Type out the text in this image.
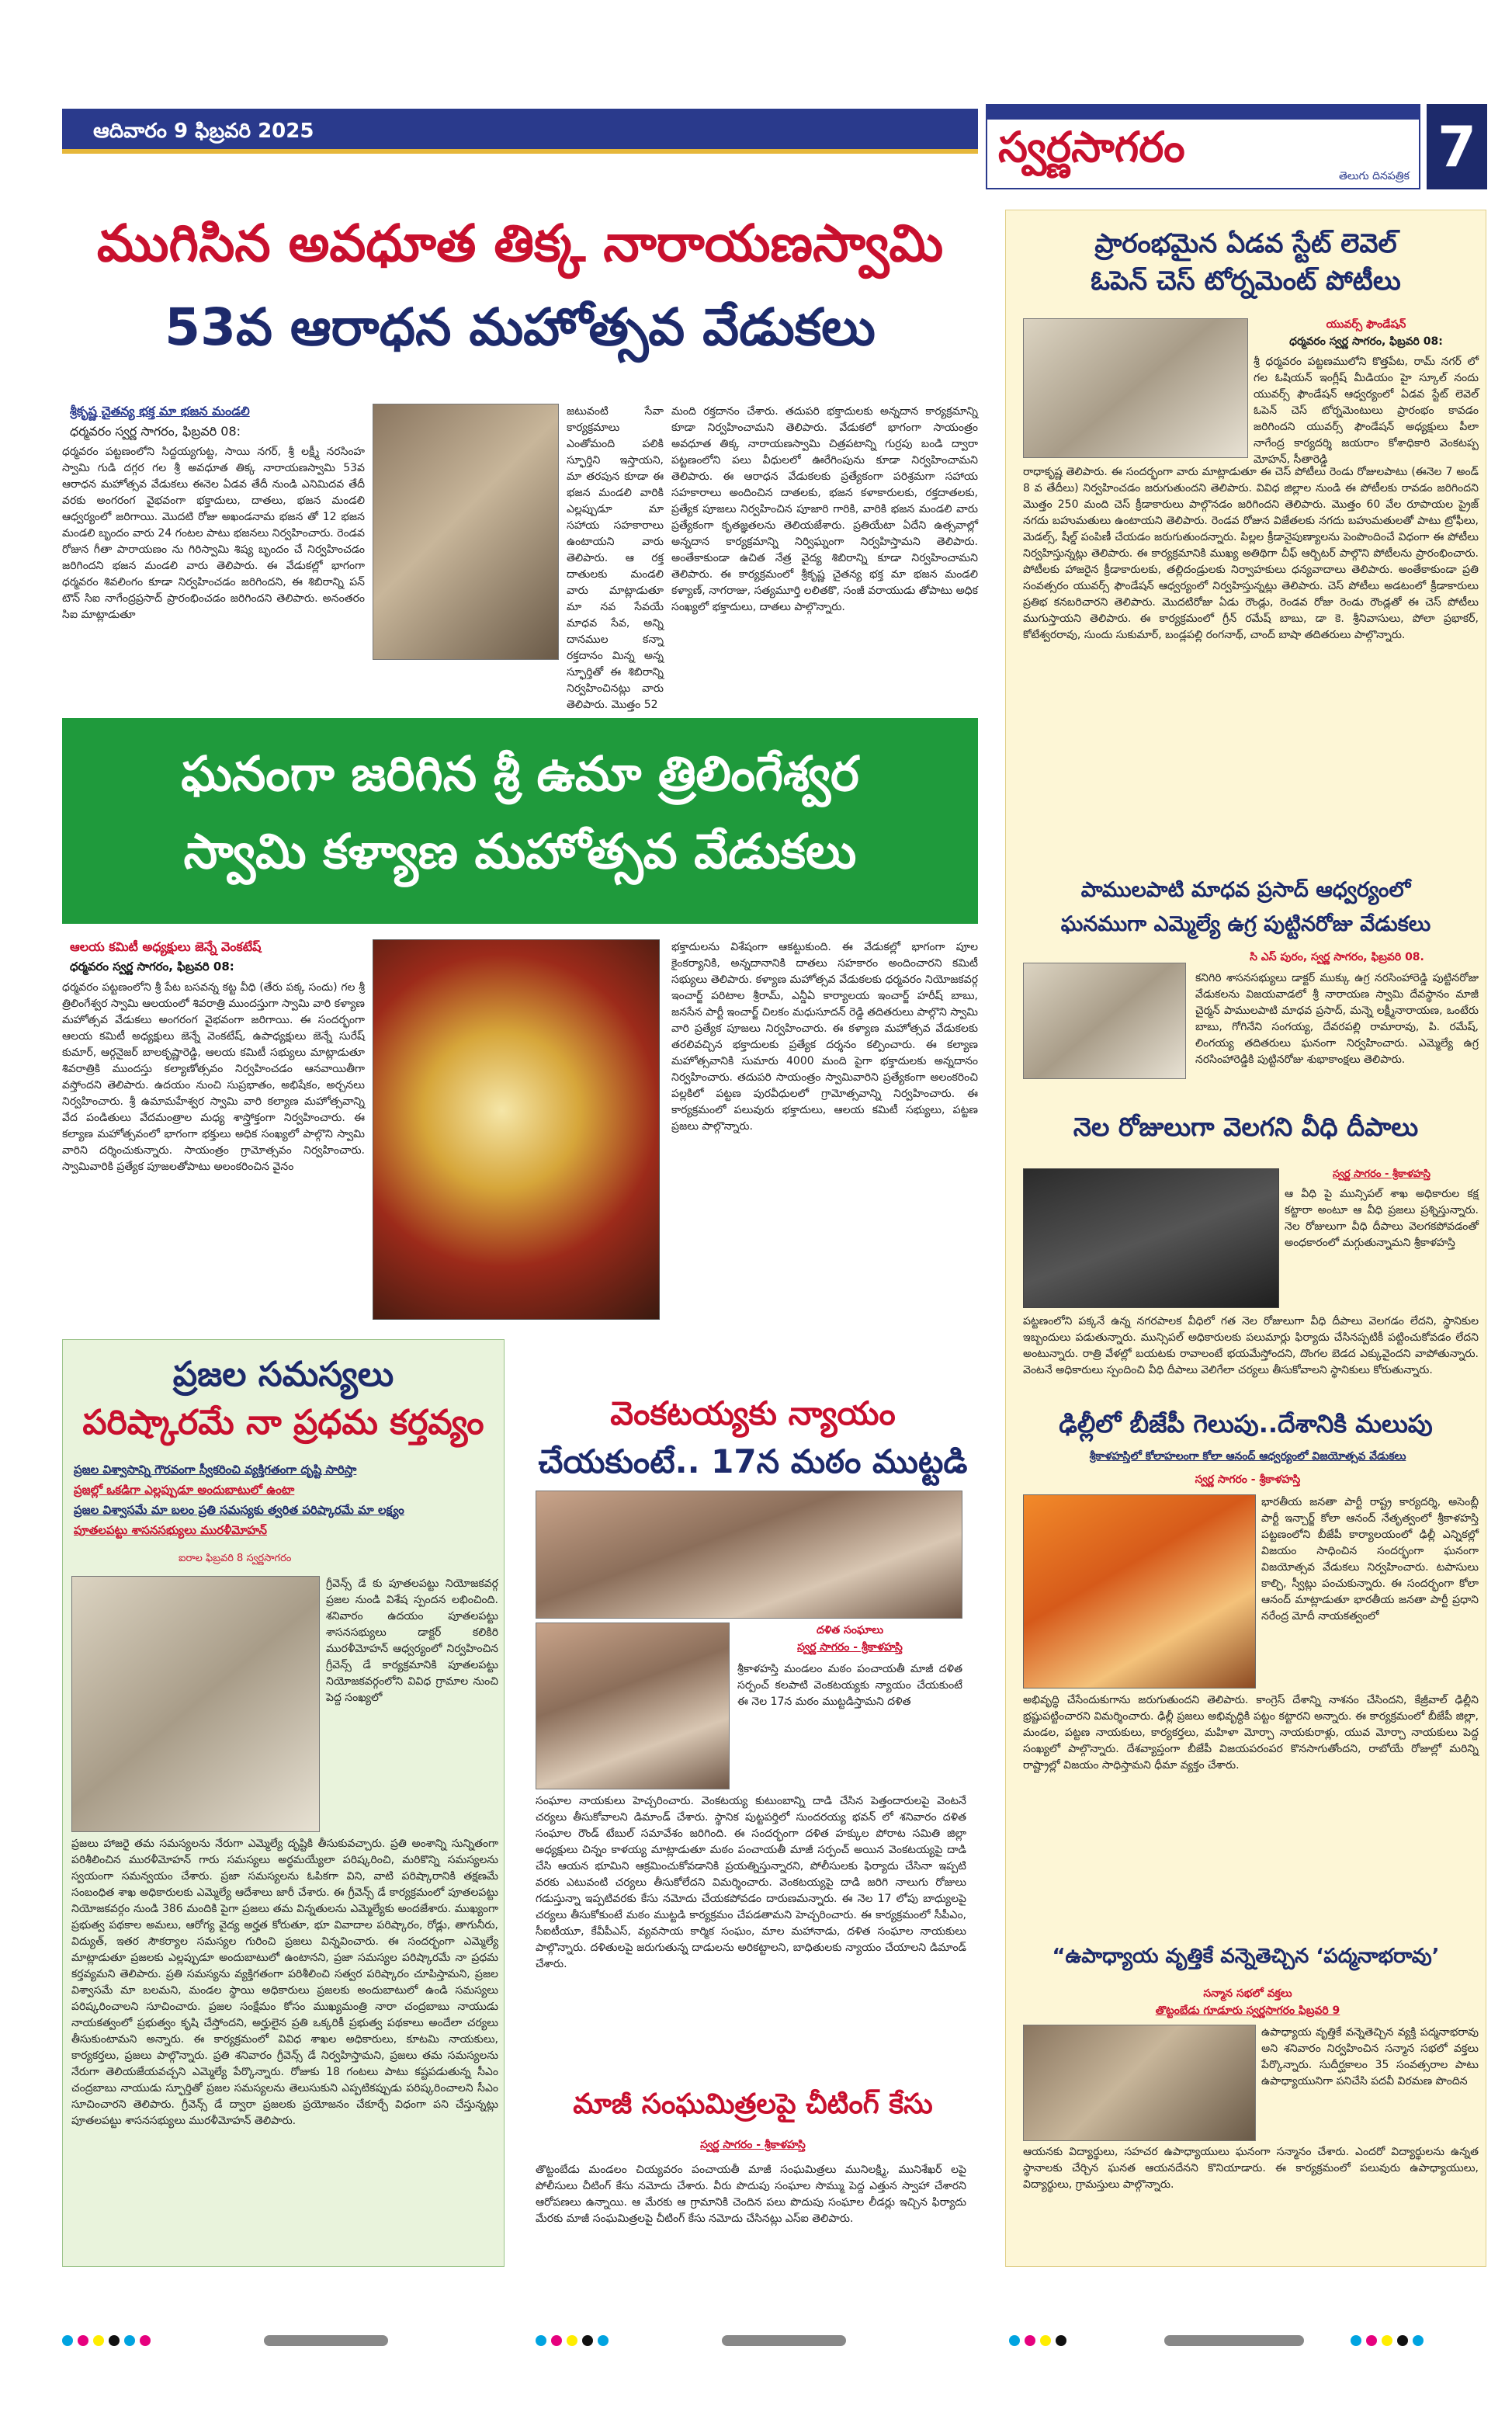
ఆదివారం 9 ఫిబ్రవరి 2025	స్వర్ణసాగరం
తెలుగు దినపత్రిక 7
ముగిసిన అవధూత తిక్క నారాయణస్వామి
53వ ఆరాధన మహోత్సవ వేడుకలు
శ్రీకృష్ణ చైతన్య భక్త మా భజన మండలి
ధర్మవరం స్వర్ణ సాగరం, ఫిబ్రవరి 08:
ధర్మవరం పట్టణంలోని సిద్దయ్యగుట్ట, సాయి నగర్, శ్రీ లక్ష్మీ నరసింహ స్వామి గుడి దగ్గర గల శ్రీ అవధూత తిక్క నారాయణస్వామి 53వ ఆరాధన మహోత్సవ వేడుకలు ఈనెల ఏడవ తేదీ నుండి ఎనిమిదవ తేదీ వరకు అంగరంగ వైభవంగా భక్తాదులు, దాతలు, భజన మండలి ఆధ్వర్యంలో జరిగాయి. మొదటి రోజు అఖండనామ భజన తో 12 భజన మండలి బృందం వారు 24 గంటల పాటు భజనలు నిర్వహించారు. రెండవ రోజున గీతా పారాయణం ను గిరిస్వామి శిష్య బృందం చే నిర్వహించడం జరిగిందని భజన మండలి వారు తెలిపారు. ఈ వేడుకల్లో భాగంగా ధర్మవరం శివలింగం కూడా నిర్వహించడం జరిగిందని, ఈ శిబిరాన్ని పన్ టౌన్ సిఐ నాగేంద్రప్రసాద్ ప్రారంభించడం జరిగిందని తెలిపారు. అనంతరం సిఐ మాట్లాడుతూ
జటువంటి సేవా కార్యక్రమాలు ఎంతోమంది పలికి స్ఫూర్తిని ఇస్తాయని, మా తరపున కూడా ఈ భజన మండలి వారికి ఎల్లప్పుడూ మా సహాయ సహకారాలు ఉంటాయని వారు తెలిపారు. ఆ రక్త దాతులకు మండలి వారు మాట్లాడుతూ మా నవ సేవయే మాధవ సేవ, అన్ని దానముల కన్నా రక్తదానం మిన్న అన్న స్ఫూర్తితో ఈ శిబిరాన్ని నిర్వహించినట్లు వారు తెలిపారు. మొత్తం 52
మంది రక్తదానం చేశారు. తదుపరి భక్తాదులకు అన్నదాన కార్యక్రమాన్ని కూడా నిర్వహించామని తెలిపారు. వేడుకలో భాగంగా సాయంత్రం అవధూత తిక్క నారాయణస్వామి చిత్రపటాన్ని గుర్రపు బండి ద్వారా పట్టణంలోని పలు వీధులలో ఊరేగింపును కూడా నిర్వహించామని తెలిపారు. ఈ ఆరాధన వేడుకలకు ప్రత్యేకంగా పరిశ్రమగా సహాయ సహకారాలు అందించిన దాతలకు, భజన కళాకారులకు, రక్తదాతలకు, ప్రత్యేక పూజలు నిర్వహించిన పూజారి గారికి, వారికి భజన మండలి వారు ప్రత్యేకంగా కృతజ్ఞతలను తెలియజేశారు. ప్రతియేటా ఏదేని ఉత్సవాల్లో అన్నదాన కార్యక్రమాన్ని నిర్విఘ్నంగా నిర్వహిస్తామని తెలిపారు. అంతేకాకుండా ఉచిత నేత్ర వైద్య శిబిరాన్ని కూడా నిర్వహించామని తెలిపారు. ఈ కార్యక్రమంలో శ్రీకృష్ణ చైతన్య భక్త మా భజన మండలి కళ్యాణ్, నాగరాజు, సత్యమూర్తి లలితకొ, సంజీ వరాయుడు తోపాటు అధిక సంఖ్యలో భక్తాదులు, దాతలు పాల్గొన్నారు.
ఘనంగా జరిగిన శ్రీ ఉమా త్రిలింగేశ్వర
స్వామి కళ్యాణ మహోత్సవ వేడుకలు
ఆలయ కమిటీ అధ్యక్షులు జెన్నే వెంకటేష్
ధర్మవరం స్వర్ణ సాగరం, ఫిబ్రవరి 08:
ధర్మవరం పట్టణంలోని శ్రీ పేట బసవన్న కట్ట వీధి (తేరు పక్క సందు) గల శ్రీ త్రిలింగేశ్వర స్వామి ఆలయంలో శివరాత్రి ముందస్తుగా స్వామి వారి కళ్యాణ మహోత్సవ వేడుకలు అంగరంగ వైభవంగా జరిగాయి. ఈ సందర్భంగా ఆలయ కమిటీ అధ్యక్షులు జెన్నే వెంకటేష్, ఉపాధ్యక్షులు జెన్నే సురేష్ కుమార్, ఆర్గనైజర్ బాలకృష్ణారెడ్డి, ఆలయ కమిటీ సభ్యులు మాట్లాడుతూ శివరాత్రికి ముందస్తు కల్యాణోత్సవం నిర్వహించడం ఆనవాయితీగా వస్తోందని తెలిపారు. ఉదయం నుంచి సుప్రభాతం, అభిషేకం, అర్చనలు నిర్వహించారు. శ్రీ ఉమామహేశ్వర స్వామి వారి కల్యాణ మహోత్సవాన్ని వేద పండితులు వేదమంత్రాల మధ్య శాస్త్రోక్తంగా నిర్వహించారు. ఈ కల్యాణ మహోత్సవంలో భాగంగా భక్తులు అధిక సంఖ్యలో పాల్గొని స్వామి వారిని దర్శించుకున్నారు. సాయంత్రం గ్రామోత్సవం నిర్వహించారు. స్వామివారికి ప్రత్యేక పూజలతోపాటు అలంకరించిన వైనం
భక్తాదులను విశేషంగా ఆకట్టుకుంది. ఈ వేడుకల్లో భాగంగా పూల కైంకర్యానికి, అన్నదానానికి దాతలు సహకారం అందించారని కమిటీ సభ్యులు తెలిపారు. కళ్యాణ మహోత్సవ వేడుకలకు ధర్మవరం నియోజకవర్గ ఇంచార్జ్ పరిటాల శ్రీరామ్, ఎన్డీఏ కార్యాలయ ఇంచార్జ్ హరీష్ బాబు, జనసేన పార్టీ ఇంచార్జ్ చిలకం మధుసూదన్ రెడ్డి తదితరులు పాల్గొని స్వామి వారి ప్రత్యేక పూజలు నిర్వహించారు. ఈ కళ్యాణ మహోత్సవ వేడుకలకు తరలివచ్చిన భక్తాదులకు ప్రత్యేక దర్శనం కల్పించారు. ఈ కల్యాణ మహోత్సవానికి సుమారు 4000 మంది పైగా భక్తాదులకు అన్నదానం నిర్వహించారు. తదుపరి సాయంత్రం స్వామివారిని ప్రత్యేకంగా అలంకరించి పల్లకిలో పట్టణ పురవీధులలో గ్రామోత్సవాన్ని నిర్వహించారు. ఈ కార్యక్రమంలో పలువురు భక్తాదులు, ఆలయ కమిటీ సభ్యులు, పట్టణ ప్రజలు పాల్గొన్నారు.
ప్రజల సమస్యలు
పరిష్కారమే నా ప్రధమ కర్తవ్యం
ప్రజల విశ్వాసాన్ని గౌరవంగా స్వీకరించి వ్యక్తిగతంగా దృష్టి సారిస్తా
ప్రజల్లో ఒకడిగా ఎల్లప్పుడూ అందుబాటులో ఉంటా
ప్రజల విశ్వాసమే మా బలం ప్రతి సమస్యకు త్వరిత పరిష్కారమే మా లక్ష్యం
పూతలపట్టు శాసనసభ్యులు మురళీమోహన్
ఐరాల ఫిబ్రవరి 8 స్వర్ణసాగరం
గ్రీవెన్స్ డే కు పూతలపట్టు నియోజకవర్గ ప్రజల నుండి విశేష స్పందన లభించింది. శనివారం ఉదయం పూతలపట్టు శాసనసభ్యులు డాక్టర్ కలికిరి మురళీమోహన్ ఆధ్వర్యంలో నిర్వహించిన గ్రీవెన్స్ డే కార్యక్రమానికి పూతలపట్టు నియోజకవర్గంలోని వివిధ గ్రామాల నుంచి పెద్ద సంఖ్యలో
ప్రజలు హాజరై తమ సమస్యలను నేరుగా ఎమ్మెల్యే దృష్టికి తీసుకువచ్చారు. ప్రతి అంశాన్ని సున్నితంగా పరిశీలించిన మురళీమోహన్ గారు సమస్యలు అర్థమయ్యేలా పరిష్కరించి, మరికొన్ని సమస్యలను స్వయంగా సమన్వయం చేశారు. ప్రజా సమస్యలను ఓపికగా విని, వాటి పరిష్కారానికి తక్షణమే సంబంధిత శాఖ అధికారులకు ఎమ్మెల్యే ఆదేశాలు జారీ చేశారు. ఈ గ్రీవెన్స్ డే కార్యక్రమంలో పూతలపట్టు నియోజకవర్గం నుండి 386 మందికి పైగా ప్రజలు తమ విన్నతులను ఎమ్మెల్యేకు అందజేశారు. ముఖ్యంగా ప్రభుత్వ పథకాల అమలు, ఆరోగ్య వైద్య అర్హత కోరుతూ, భూ వివాదాల పరిష్కారం, రోడ్లు, తాగునీరు, విద్యుత్, ఇతర సౌకర్యాల సమస్యల గురించి ప్రజలు విన్నవించారు. ఈ సందర్భంగా ఎమ్మెల్యే మాట్లాడుతూ ప్రజలకు ఎల్లప్పుడూ అందుబాటులో ఉంటానని, ప్రజా సమస్యల పరిష్కారమే నా ప్రధమ కర్తవ్యమని తెలిపారు. ప్రతి సమస్యను వ్యక్తిగతంగా పరిశీలించి సత్వర పరిష్కారం చూపిస్తామని, ప్రజల విశ్వాసమే మా బలమని, మండల స్థాయి అధికారులు ప్రజలకు అందుబాటులో ఉండి సమస్యలు పరిష్కరించాలని సూచించారు. ప్రజల సంక్షేమం కోసం ముఖ్యమంత్రి నారా చంద్రబాబు నాయుడు నాయకత్వంలో ప్రభుత్వం కృషి చేస్తోందని, అర్హులైన ప్రతి ఒక్కరికీ ప్రభుత్వ పథకాలు అందేలా చర్యలు తీసుకుంటామని అన్నారు. ఈ కార్యక్రమంలో వివిధ శాఖల అధికారులు, కూటమి నాయకులు, కార్యకర్తలు, ప్రజలు పాల్గొన్నారు. ప్రతి శనివారం గ్రీవెన్స్ డే నిర్వహిస్తామని, ప్రజలు తమ సమస్యలను నేరుగా తెలియజేయవచ్చని ఎమ్మెల్యే పేర్కొన్నారు. రోజుకు 18 గంటలు పాటు కష్టపడుతున్న సీఎం చంద్రబాబు నాయుడు స్ఫూర్తితో ప్రజల సమస్యలను తెలుసుకుని ఎప్పటికప్పుడు పరిష్కరించాలని సీఎం సూచించారని తెలిపారు. గ్రీవెన్స్ డే ద్వారా ప్రజలకు ప్రయోజనం చేకూర్చే విధంగా పని చేస్తున్నట్లు పూతలపట్టు శాసనసభ్యులు మురళీమోహన్ తెలిపారు.
వెంకటయ్యకు న్యాయం
చేయకుంటే.. 17న మఠం ముట్టడి
దళిత సంఘాలు
స్వర్ణ సాగరం - శ్రీకాళహస్తి
శ్రీకాళహస్తి మండలం మఠం పంచాయతీ మాజీ దళిత సర్పంచ్ కలపాటి వెంకటయ్యకు న్యాయం చేయకుంటే ఈ నెల 17న మఠం ముట్టడిస్తామని దళిత
సంఘాల నాయకులు హెచ్చరించారు. వెంకటయ్య కుటుంబాన్ని దాడి చేసిన పెత్తందారులపై వెంటనే చర్యలు తీసుకోవాలని డిమాండ్ చేశారు. స్థానిక పుట్టపర్తిలో సుందరయ్య భవన్ లో శనివారం దళిత సంఘాల రౌండ్ టేబుల్ సమావేశం జరిగింది. ఈ సందర్భంగా దళిత హక్కుల పోరాట సమితి జిల్లా అధ్యక్షులు చిన్నం కాళయ్య మాట్లాడుతూ మఠం పంచాయతీ మాజీ సర్పంచ్ అయిన వెంకటయ్యపై దాడి చేసి ఆయన భూమిని ఆక్రమించుకోవడానికి ప్రయత్నిస్తున్నారని, పోలీసులకు ఫిర్యాదు చేసినా ఇప్పటి వరకు ఎటువంటి చర్యలు తీసుకోలేదని విమర్శించారు. వెంకటయ్యపై దాడి జరిగి నాలుగు రోజులు గడుస్తున్నా ఇప్పటివరకు కేసు నమోదు చేయకపోవడం దారుణమన్నారు. ఈ నెల 17 లోపు బాధ్యులపై చర్యలు తీసుకోకుంటే మఠం ముట్టడి కార్యక్రమం చేపడతామని హెచ్చరించారు. ఈ కార్యక్రమంలో సీపీఎం, సీఐటీయూ, కేవీపీఎస్, వ్యవసాయ కార్మిక సంఘం, మాల మహానాడు, దళిత సంఘాల నాయకులు పాల్గొన్నారు. దళితులపై జరుగుతున్న దాడులను అరికట్టాలని, బాధితులకు న్యాయం చేయాలని డిమాండ్ చేశారు.
మాజీ సంఘమిత్రలపై చీటింగ్ కేసు
స్వర్ణ సాగరం - శ్రీకాళహస్తి
తొట్టంబేడు మండలం చియ్యవరం పంచాయతీ మాజీ సంఘమిత్రలు మునిలక్ష్మి, మునిశేఖర్ లపై పోలీసులు చీటింగ్ కేసు నమోదు చేశారు. వీరు పొదుపు సంఘాల సొమ్ము పెద్ద ఎత్తున స్వాహా చేశారని ఆరోపణలు ఉన్నాయి. ఆ మేరకు ఆ గ్రామానికి చెందిన పలు పొదుపు సంఘాల లీడర్లు ఇచ్చిన ఫిర్యాదు మేరకు మాజీ సంఘమిత్రలపై చీటింగ్ కేసు నమోదు చేసినట్లు ఎస్ఐ తెలిపారు.
ప్రారంభమైన ఏడవ స్టేట్ లెవెల్
ఓపెన్ చెస్ టోర్నమెంట్ పోటీలు
యువర్స్ ఫౌండేషన్
ధర్మవరం స్వర్ణ సాగరం, ఫిబ్రవరి 08:
శ్రీ ధర్మవరం పట్టణములోని కొత్తపేట, రామ్ నగర్ లో గల ఓషియన్ ఇంగ్లీష్ మీడియం హై స్కూల్ నందు యువర్స్ ఫౌండేషన్ ఆధ్వర్యంలో ఏడవ స్టేట్ లెవెల్ ఓపెన్ చెస్ టోర్నమెంటులు ప్రారంభం కావడం జరిగిందని యువర్స్ ఫౌండేషన్ అధ్యక్షులు పీలా నాగేంద్ర కార్యదర్శి జయరాం కోశాధికారి వెంకటప్ప మోహన్, సీతారెడ్డి
రాధాకృష్ణ తెలిపారు. ఈ సందర్భంగా వారు మాట్లాడుతూ ఈ చెస్ పోటీలు రెండు రోజులపాటు (ఈనెల 7 అండ్ 8 వ తేదీలు) నిర్వహించడం జరుగుతుందని తెలిపారు. వివిధ జిల్లాల నుండి ఈ పోటీలకు రావడం జరిగిందని మొత్తం 250 మంది చెస్ క్రీడాకారులు పాల్గొనడం జరిగిందని తెలిపారు. మొత్తం 60 వేల రూపాయల ప్రైజ్ నగదు బహుమతులు ఉంటాయని తెలిపారు. రెండవ రోజున విజేతలకు నగదు బహుమతులతో పాటు ట్రోఫీలు, మెడల్స్, షీల్డ్ పంపిణీ చేయడం జరుగుతుందన్నారు. పిల్లల క్రీడానైపుణ్యాలను పెంపొందించే విధంగా ఈ పోటీలు నిర్వహిస్తున్నట్లు తెలిపారు. ఈ కార్యక్రమానికి ముఖ్య అతిథిగా చీఫ్ ఆర్బిటర్ పాల్గొని పోటీలను ప్రారంభించారు. పోటీలకు హాజరైన క్రీడాకారులకు, తల్లిదండ్రులకు నిర్వాహకులు ధన్యవాదాలు తెలిపారు. అంతేకాకుండా ప్రతి సంవత్సరం యువర్స్ ఫౌండేషన్ ఆధ్వర్యంలో నిర్వహిస్తున్నట్లు తెలిపారు. చెస్ పోటీలు అడటంలో క్రీడాకారులు ప్రతిభ కనబరిచారని తెలిపారు. మొదటిరోజు ఏడు రౌండ్లు, రెండవ రోజు రెండు రౌండ్లతో ఈ చెస్ పోటీలు ముగుస్తాయని తెలిపారు. ఈ కార్యక్రమంలో గ్రీన్ రమేష్ బాబు, డా కె. శ్రీనివాసులు, పోలా ప్రభాకర్, కోటేశ్వరరావు, సుందు సుకుమార్, బండ్లపల్లి రంగనాథ్, చాంద్ బాషా తదితరులు పాల్గొన్నారు.
పాములపాటి మాధవ ప్రసాద్ ఆధ్వర్యంలో
ఘనముగా ఎమ్మెల్యే ఉగ్ర పుట్టినరోజు వేడుకలు
సి ఎస్ పురం, స్వర్ణ సాగరం, ఫిబ్రవరి 08.
కనిగిరి శాసనసభ్యులు డాక్టర్ ముక్కు ఉగ్ర నరసింహారెడ్డి పుట్టినరోజు వేడుకలను విజయవాడలో శ్రీ నారాయణ స్వామి దేవస్థానం మాజీ చైర్మన్ పాములపాటి మాధవ ప్రసాద్, మన్నె లక్ష్మీనారాయణ, ఒంటేరు బాబు, గోగినేని సంగయ్య, దేవరపల్లి రామారావు, పి. రమేష్, లింగయ్య తదితరులు ఘనంగా నిర్వహించారు. ఎమ్మెల్యే ఉగ్ర నరసింహారెడ్డికి పుట్టినరోజు శుభాకాంక్షలు తెలిపారు.
నెల రోజులుగా వెలగని వీధి దీపాలు
స్వర్ణ సాగరం - శ్రీకాళహస్తి
ఆ వీధి పై మున్సిపల్ శాఖ అధికారుల కక్ష కట్టారా అంటూ ఆ వీధి ప్రజలు ప్రశ్నిస్తున్నారు. నెల రోజులుగా వీధి దీపాలు వెలగకపోవడంతో అంధకారంలో మగ్గుతున్నామని శ్రీకాళహస్తి
పట్టణంలోని పక్కనే ఉన్న నగరపాలక వీధిలో గత నెల రోజులుగా వీధి దీపాలు వెలగడం లేదని, స్థానికుల ఇబ్బందులు పడుతున్నారు. మున్సిపల్ అధికారులకు పలుమార్లు ఫిర్యాదు చేసినప్పటికీ పట్టించుకోవడం లేదని అంటున్నారు. రాత్రి వేళల్లో బయటకు రావాలంటే భయమేస్తోందని, దొంగల బెడద ఎక్కువైందని వాపోతున్నారు. వెంటనే అధికారులు స్పందించి వీధి దీపాలు వెలిగేలా చర్యలు తీసుకోవాలని స్థానికులు కోరుతున్నారు.
ఢిల్లీలో బీజేపీ గెలుపు..దేశానికి మలుపు
శ్రీకాళహస్తిలో కోలాహలంగా కోలా ఆనంద్ ఆధ్వర్యంలో విజయోత్సవ వేడుకలు
స్వర్ణ సాగరం - శ్రీకాళహస్తి
భారతీయ జనతా పార్టీ రాష్ట్ర కార్యదర్శి, అసెంబ్లీ పార్టీ ఇన్చార్జ్ కోలా ఆనంద్ నేతృత్వంలో శ్రీకాళహస్తి పట్టణంలోని బీజేపీ కార్యాలయంలో ఢిల్లీ ఎన్నికల్లో విజయం సాధించిన సందర్భంగా ఘనంగా విజయోత్సవ వేడుకలు నిర్వహించారు. టపాసులు కాల్చి, స్వీట్లు పంచుకున్నారు. ఈ సందర్భంగా కోలా ఆనంద్ మాట్లాడుతూ భారతీయ జనతా పార్టీ ప్రధాని నరేంద్ర మోదీ నాయకత్వంలో
అభివృద్ధి చేసేందుకుగాను జరుగుతుందని తెలిపారు. కాంగ్రెస్ దేశాన్ని నాశనం చేసిందని, కేజ్రీవాల్ ఢిల్లీని భ్రష్టుపట్టించారని విమర్శించారు. ఢిల్లీ ప్రజలు అభివృద్ధికి పట్టం కట్టారని అన్నారు. ఈ కార్యక్రమంలో బీజేపీ జిల్లా, మండల, పట్టణ నాయకులు, కార్యకర్తలు, మహిళా మోర్చా నాయకురాళ్లు, యువ మోర్చా నాయకులు పెద్ద సంఖ్యలో పాల్గొన్నారు. దేశవ్యాప్తంగా బీజేపీ విజయపరంపర కొనసాగుతోందని, రాబోయే రోజుల్లో మరిన్ని రాష్ట్రాల్లో విజయం సాధిస్తామని ధీమా వ్యక్తం చేశారు.
“ఉపాధ్యాయ వృత్తికే వన్నెతెచ్చిన ‘పద్మనాభరావు’
సన్మాన సభలో వక్తలు
తొట్టంబేడు గూడూరు స్వర్ణసాగరం ఫిబ్రవరి 9
ఉపాధ్యాయ వృత్తికే వన్నెతెచ్చిన వ్యక్తి పద్మనాభరావు అని శనివారం నిర్వహించిన సన్మాన సభలో వక్తలు పేర్కొన్నారు. సుదీర్ఘకాలం 35 సంవత్సరాల పాటు ఉపాధ్యాయునిగా పనిచేసి పదవీ విరమణ పొందిన
ఆయనకు విద్యార్థులు, సహచర ఉపాధ్యాయులు ఘనంగా సన్మానం చేశారు. ఎందరో విద్యార్థులను ఉన్నత స్థానాలకు చేర్చిన ఘనత ఆయనదేనని కొనియాడారు. ఈ కార్యక్రమంలో పలువురు ఉపాధ్యాయులు, విద్యార్థులు, గ్రామస్తులు పాల్గొన్నారు.
